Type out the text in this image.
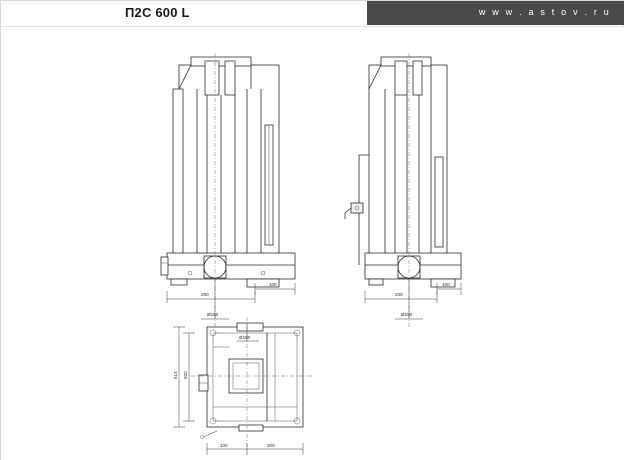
П2С 600 L	w w w . a s t o v . r u
280
100
Ø150
238
100
Ø150
Ø150
500
514
100	300
